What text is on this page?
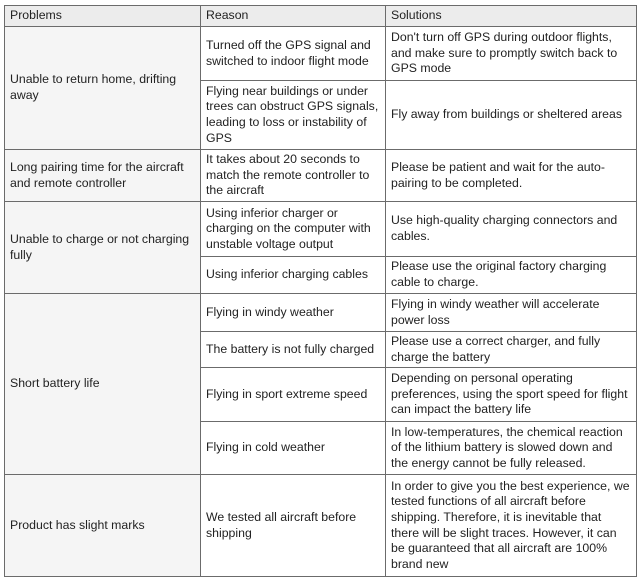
Problems	Reason	Solutions
Unable to return home, drifting away	Turned off the GPS signal and switched to indoor flight mode	Don't turn off GPS during outdoor flights, and make sure to promptly switch back to GPS mode
	Flying near buildings or under trees can obstruct GPS signals, leading to loss or instability of GPS	Fly away from buildings or sheltered areas
Long pairing time for the aircraft and remote controller	It takes about 20 seconds to match the remote controller to the aircraft	Please be patient and wait for the auto-pairing to be completed.
Unable to charge or not charging fully	Using inferior charger or charging on the computer with unstable voltage output	Use high-quality charging connectors and cables.
	Using inferior charging cables	Please use the original factory charging cable to charge.
Short battery life	Flying in windy weather	Flying in windy weather will accelerate power loss
	The battery is not fully charged	Please use a correct charger, and fully charge the battery
	Flying in sport extreme speed	Depending on personal operating preferences, using the sport speed for flight can impact the battery life
	Flying in cold weather	In low-temperatures, the chemical reaction of the lithium battery is slowed down and the energy cannot be fully released.
Product has slight marks	We tested all aircraft before shipping	In order to give you the best experience, we tested functions of all aircraft before shipping. Therefore, it is inevitable that there will be slight traces. However, it can be guaranteed that all aircraft are 100% brand new
